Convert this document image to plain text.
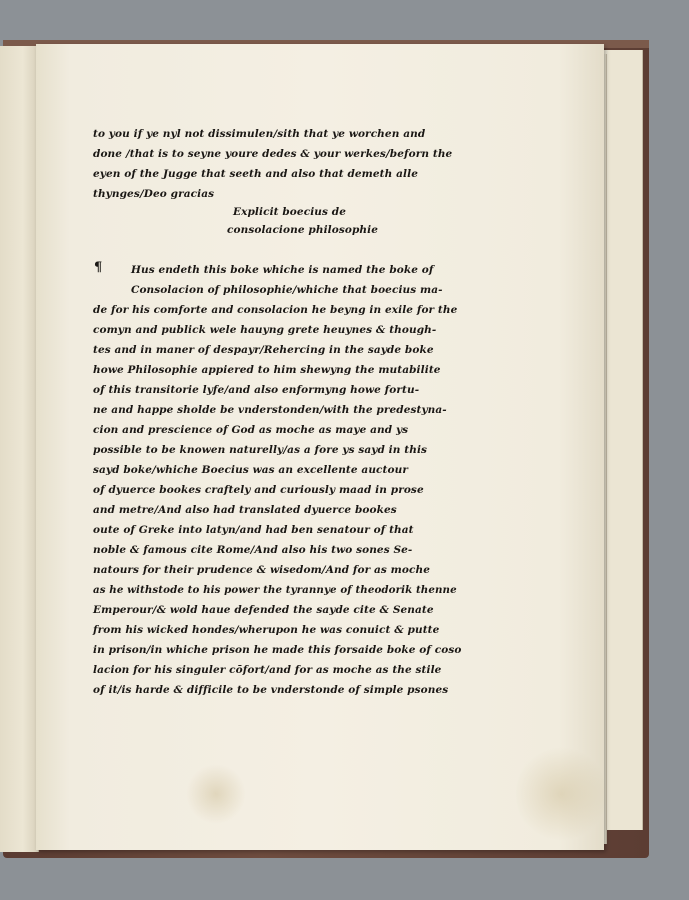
to you if ye nyl not dissimulen/sith that ye worchen and
done /that is to seyne youre dedes & your werkes/beforn the
eyen of the Jugge that seeth and also that demeth alle
thynges/Deo gracias
Explicit boecius de
consolacione philosophie
Hus endeth this boke whiche is named the boke of
Consolacion of philosophie/whiche that boecius ma-
de for his comforte and consolacion he beyng in exile for the
comyn and publick wele hauyng grete heuynes & though-
tes and in maner of despayr/Rehercing in the sayde boke
howe Philosophie appiered to him shewyng the mutabilite
of this transitorie lyfe/and also enformyng howe fortu-
ne and happe sholde be vnderstonden/with the predestyna-
cion and prescience of God as moche as maye and ys
possible to be knowen naturelly/as a fore ys sayd in this
sayd boke/whiche Boecius was an excellente auctour
of dyuerce bookes craftely and curiously maad in prose
and metre/And also had translated dyuerce bookes
oute of Greke into latyn/and had ben senatour of that
noble & famous cite Rome/And also his two sones Se-
natours for their prudence & wisedom/And for as moche
as he withstode to his power the tyrannye of theodorik thenne
Emperour/& wold haue defended the sayde cite & Senate
from his wicked hondes/wherupon he was conuict & putte
in prison/in whiche prison he made this forsaide boke of coso
lacion for his singuler cōfort/and for as moche as the stile
of it/is harde & difficile to be vnderstonde of simple psones
¶
